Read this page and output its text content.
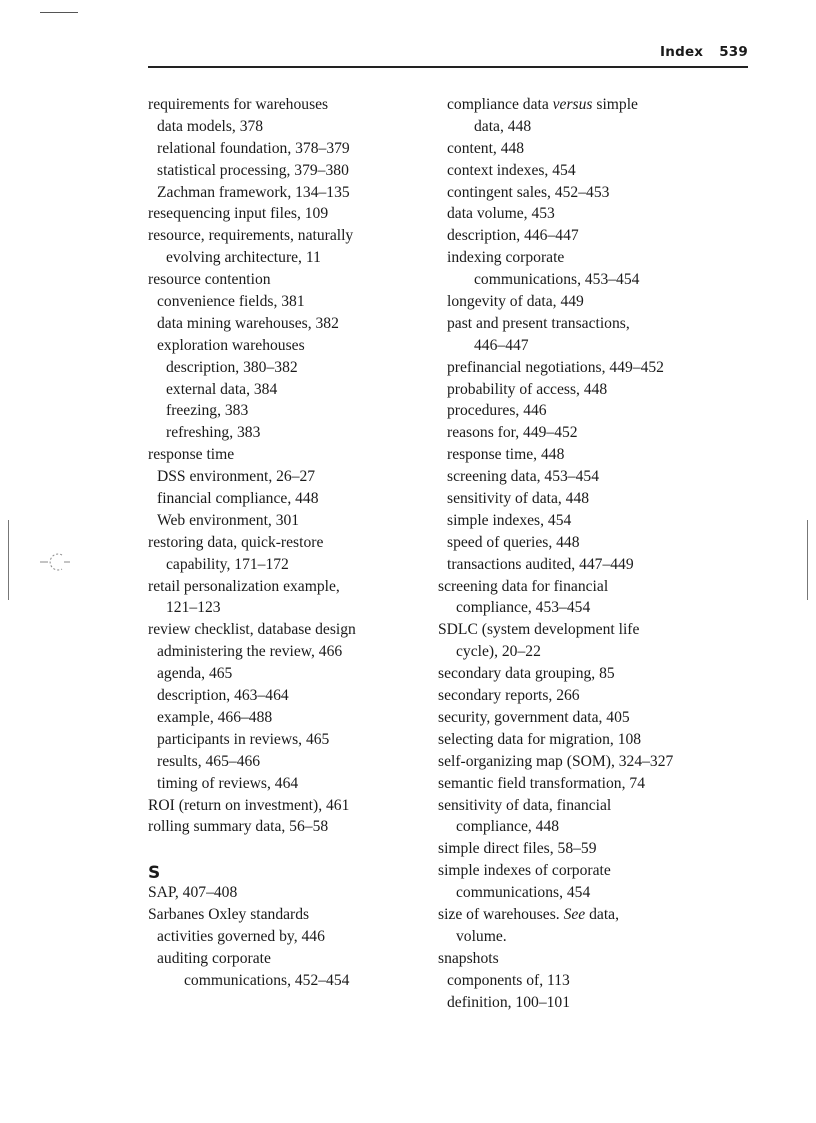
Index 539
requirements for warehouses
data models, 378
relational foundation, 378–379
statistical processing, 379–380
Zachman framework, 134–135
resequencing input files, 109
resource, requirements, naturally
evolving architecture, 11
resource contention
convenience fields, 381
data mining warehouses, 382
exploration warehouses
description, 380–382
external data, 384
freezing, 383
refreshing, 383
response time
DSS environment, 26–27
financial compliance, 448
Web environment, 301
restoring data, quick-restore
capability, 171–172
retail personalization example,
121–123
review checklist, database design
administering the review, 466
agenda, 465
description, 463–464
example, 466–488
participants in reviews, 465
results, 465–466
timing of reviews, 464
ROI (return on investment), 461
rolling summary data, 56–58
S
SAP, 407–408
Sarbanes Oxley standards
activities governed by, 446
auditing corporate
communications, 452–454
compliance data versus simple
data, 448
content, 448
context indexes, 454
contingent sales, 452–453
data volume, 453
description, 446–447
indexing corporate
communications, 453–454
longevity of data, 449
past and present transactions,
446–447
prefinancial negotiations, 449–452
probability of access, 448
procedures, 446
reasons for, 449–452
response time, 448
screening data, 453–454
sensitivity of data, 448
simple indexes, 454
speed of queries, 448
transactions audited, 447–449
screening data for financial
compliance, 453–454
SDLC (system development life
cycle), 20–22
secondary data grouping, 85
secondary reports, 266
security, government data, 405
selecting data for migration, 108
self-organizing map (SOM), 324–327
semantic field transformation, 74
sensitivity of data, financial
compliance, 448
simple direct files, 58–59
simple indexes of corporate
communications, 454
size of warehouses. See data,
volume.
snapshots
components of, 113
definition, 100–101
